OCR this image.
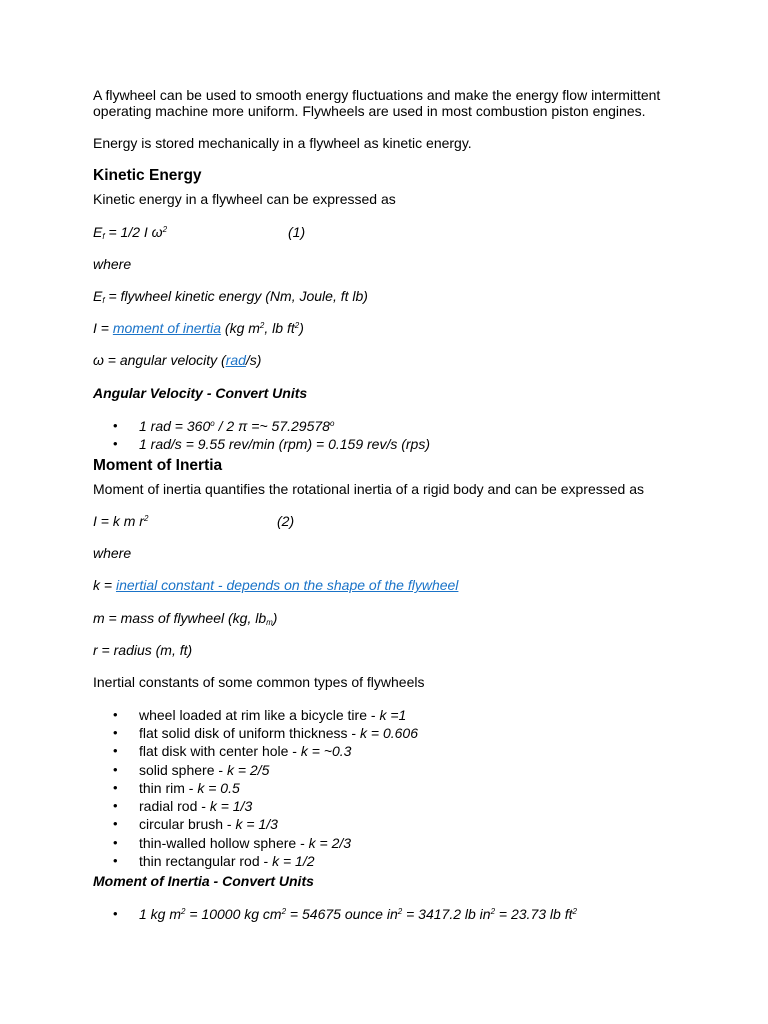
A flywheel can be used to smooth energy fluctuations and make the energy flow intermittent
operating machine more uniform. Flywheels are used in most combustion piston engines.
Energy is stored mechanically in a flywheel as kinetic energy.
Kinetic Energy
Kinetic energy in a flywheel can be expressed as
$E_f = 1/2$ I $\omega^2$	(1)
where
$E_f$ = flywheel kinetic energy (Nm, Joule, ft lb)
I = moment of inertia (kg $m^2$, lb $ft^2$)
ω = angular velocity (rad/s)
Angular Velocity - Convert Units
• 1 rad = $360^o / 2$ π =~ 57.29578$^o$
• 1 rad/s = 9.55 rev/min (rpm) = 0.159 rev/s (rps)
Moment of Inertia
Moment of inertia quantifies the rotational inertia of a rigid body and can be expressed as
I = k m $r^2$	(2)
where
k = inertial constant - depends on the shape of the flywheel
m = mass of flywheel (kg, $lb_m$)
r = radius (m, ft)
Inertial constants of some common types of flywheels
• wheel loaded at rim like a bicycle tire - k =1
• flat solid disk of uniform thickness - k = 0.606
• flat disk with center hole - k = ~0.3
• solid sphere - k = 2/5
• thin rim - k = 0.5
• radial rod - k = 1/3
• circular brush - k = 1/3
• thin-walled hollow sphere - k = 2/3
• thin rectangular rod - k = 1/2
Moment of Inertia - Convert Units
• 1 kg $m^2 = 10000$ kg $cm^2 = 54675$ ounce $in^2 = 3417.2$ lb $in^2 = 23.73$ lb $ft^2$
